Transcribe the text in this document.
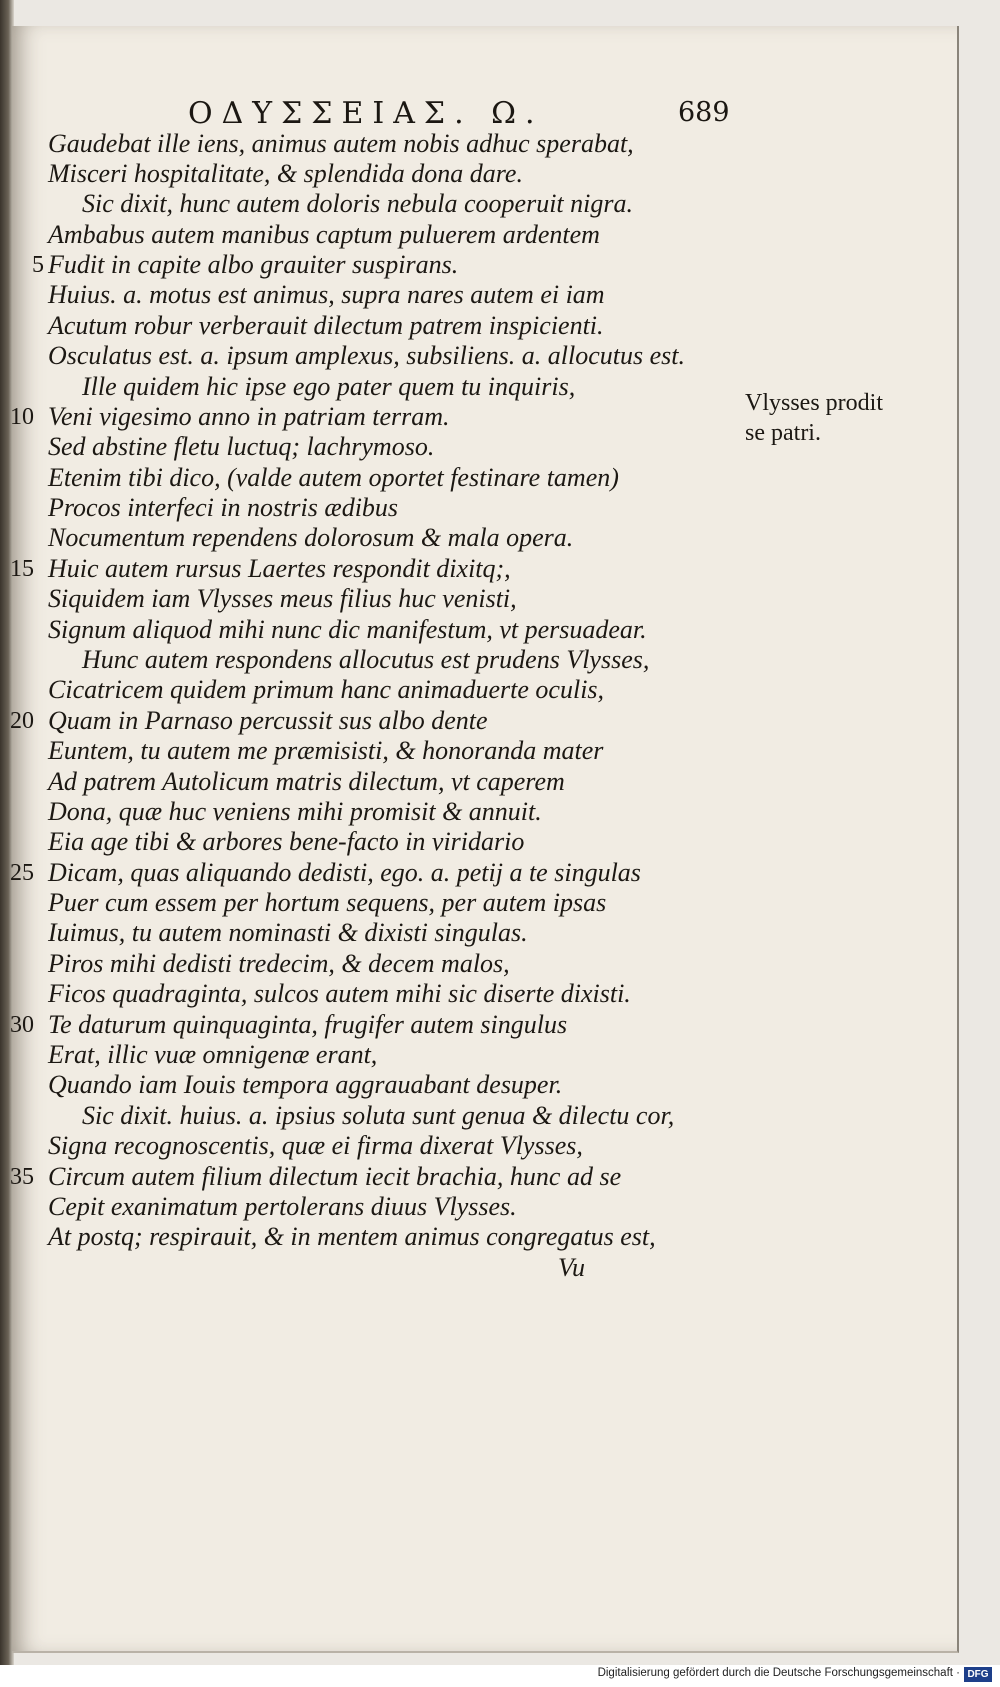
ΟΔΥΣΣΕΙΑΣ. Ω.	689
Gaudebat ille iens, animus autem nobis adhuc sperabat,
Misceri hospitalitate, & splendida dona dare.
Sic dixit, hunc autem doloris nebula cooperuit nigra.
Ambabus autem manibus captum puluerem ardentem
Fudit in capite albo grauiter suspirans.
Huius. a. motus est animus, supra nares autem ei iam
Acutum robur verberauit dilectum patrem inspicienti.
Osculatus est. a. ipsum amplexus, subsiliens. a. allocutus est.
Ille quidem hic ipse ego pater quem tu inquiris,
Veni vigesimo anno in patriam terram.
Sed abstine fletu luctuq; lachrymoso.
Etenim tibi dico, (valde autem oportet festinare tamen)
Procos interfeci in nostris ædibus
Nocumentum rependens dolorosum & mala opera.
Huic autem rursus Laertes respondit dixitq;,
Siquidem iam Vlysses meus filius huc venisti,
Signum aliquod mihi nunc dic manifestum, vt persuadear.
Hunc autem respondens allocutus est prudens Vlysses,
Cicatricem quidem primum hanc animaduerte oculis,
Quam in Parnaso percussit sus albo dente
Euntem, tu autem me præmisisti, & honoranda mater
Ad patrem Autolicum matris dilectum, vt caperem
Dona, quæ huc veniens mihi promisit & annuit.
Eia age tibi & arbores bene-facto in viridario
Dicam, quas aliquando dedisti, ego. a. petij a te singulas
Puer cum essem per hortum sequens, per autem ipsas
Iuimus, tu autem nominasti & dixisti singulas.
Piros mihi dedisti tredecim, & decem malos,
Ficos quadraginta, sulcos autem mihi sic diserte dixisti.
Te daturum quinquaginta, frugifer autem singulus
Erat, illic vuæ omnigenæ erant,
Quando iam Iouis tempora aggrauabant desuper.
Sic dixit. huius. a. ipsius soluta sunt genua & dilectu cor,
Signa recognoscentis, quæ ei firma dixerat Vlysses,
Circum autem filium dilectum iecit brachia, hunc ad se
Cepit exanimatum pertolerans diuus Vlysses.
At postq; respirauit, & in mentem animus congregatus est,
Vu
5
10
15
20
25
30
35
Vlysses prodit
se patri.
Digitalisierung gefördert durch die Deutsche Forschungsgemeinschaft · DFG
